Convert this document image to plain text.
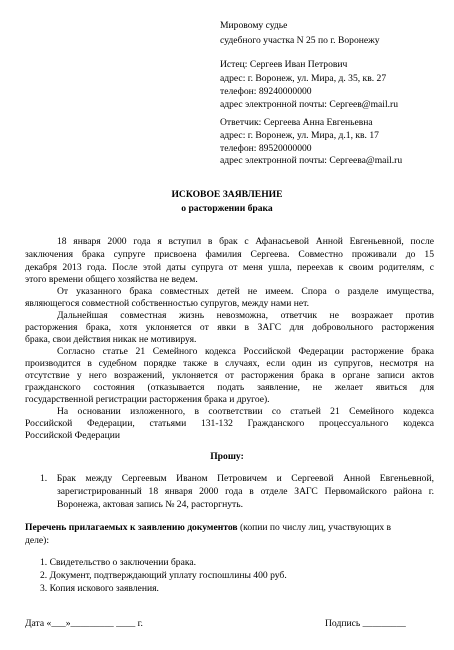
Мировому судье
судебного участка N 25 по г. Воронежу
Истец: Сергеев Иван Петрович
адрес: г. Воронеж, ул. Мира, д. 35, кв. 27
телефон: 89240000000
адрес электронной почты: Сергеев@mail.ru
Ответчик: Сергеева Анна Евгеньевна
адрес: г. Воронеж, ул. Мира, д.1, кв. 17
телефон: 89520000000
адрес электронной почты: Сергеева@mail.ru
ИСКОВОЕ ЗАЯВЛЕНИЕ
о расторжении брака
18 января 2000 года я вступил в брак с Афанасьевой Анной Евгеньевной, после
заключения брака супруге присвоена фамилия Сергеева. Совместно проживали до 15
декабря 2013 года. После этой даты супруга от меня ушла, переехав к своим родителям, с
этого времени общего хозяйства не ведем.
От указанного брака совместных детей не имеем. Спора о разделе имущества,
являющегося совместной собственностью супругов, между нами нет.
Дальнейшая совместная жизнь невозможна, ответчик не возражает против
расторжения брака, хотя уклоняется от явки в ЗАГС для добровольного расторжения
брака, свои действия никак не мотивируя.
Согласно статье 21 Семейного кодекса Российской Федерации расторжение брака
производится в судебном порядке также в случаях, если один из супругов, несмотря на
отсутствие у него возражений, уклоняется от расторжения брака в органе записи актов
гражданского состояния (отказывается подать заявление, не желает явиться для
государственной регистрации расторжения брака и другое).
На основании изложенного, в соответствии со статьей 21 Семейного кодекса
Российской Федерации, статьями 131-132 Гражданского процессуального кодекса
Российской Федерации
Прошу:
1. Брак между Сергеевым Иваном Петровичем и Сергеевой Анной Евгеньевной,
зарегистрированный 18 января 2000 года в отделе ЗАГС Первомайского района г.
Воронежа, актовая запись № 24, расторгнуть.
Перечень прилагаемых к заявлению документов (копии по числу лиц, участвующих в
деле):
1. Свидетельство о заключении брака.
2. Документ, подтверждающий уплату госпошлины 400 руб.
3. Копия искового заявления.
Дата «___»_________ ____ г.	Подпись _________
